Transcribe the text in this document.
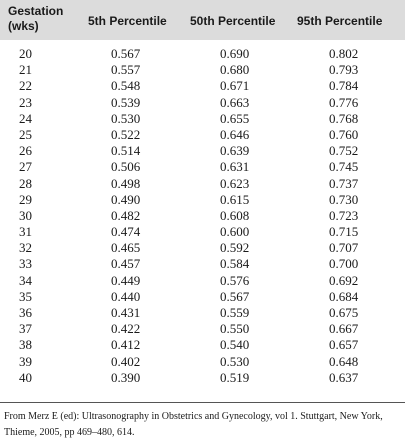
Gestation
(wks)	5th Percentile 50th Percentile 95th Percentile
20	0.567	0.690	0.802
21	0.557	0.680	0.793
22	0.548	0.671	0.784
23	0.539	0.663	0.776
24	0.530	0.655	0.768
25	0.522	0.646	0.760
26	0.514	0.639	0.752
27	0.506	0.631	0.745
28	0.498	0.623	0.737
29	0.490	0.615	0.730
30	0.482	0.608	0.723
31	0.474	0.600	0.715
32	0.465	0.592	0.707
33	0.457	0.584	0.700
34	0.449	0.576	0.692
35	0.440	0.567	0.684
36	0.431	0.559	0.675
37	0.422	0.550	0.667
38	0.412	0.540	0.657
39	0.402	0.530	0.648
40	0.390	0.519	0.637
From Merz E (ed): Ultrasonography in Obstetrics and Gynecology, vol 1. Stuttgart, New York, Thieme, 2005, pp 469–480, 614.
